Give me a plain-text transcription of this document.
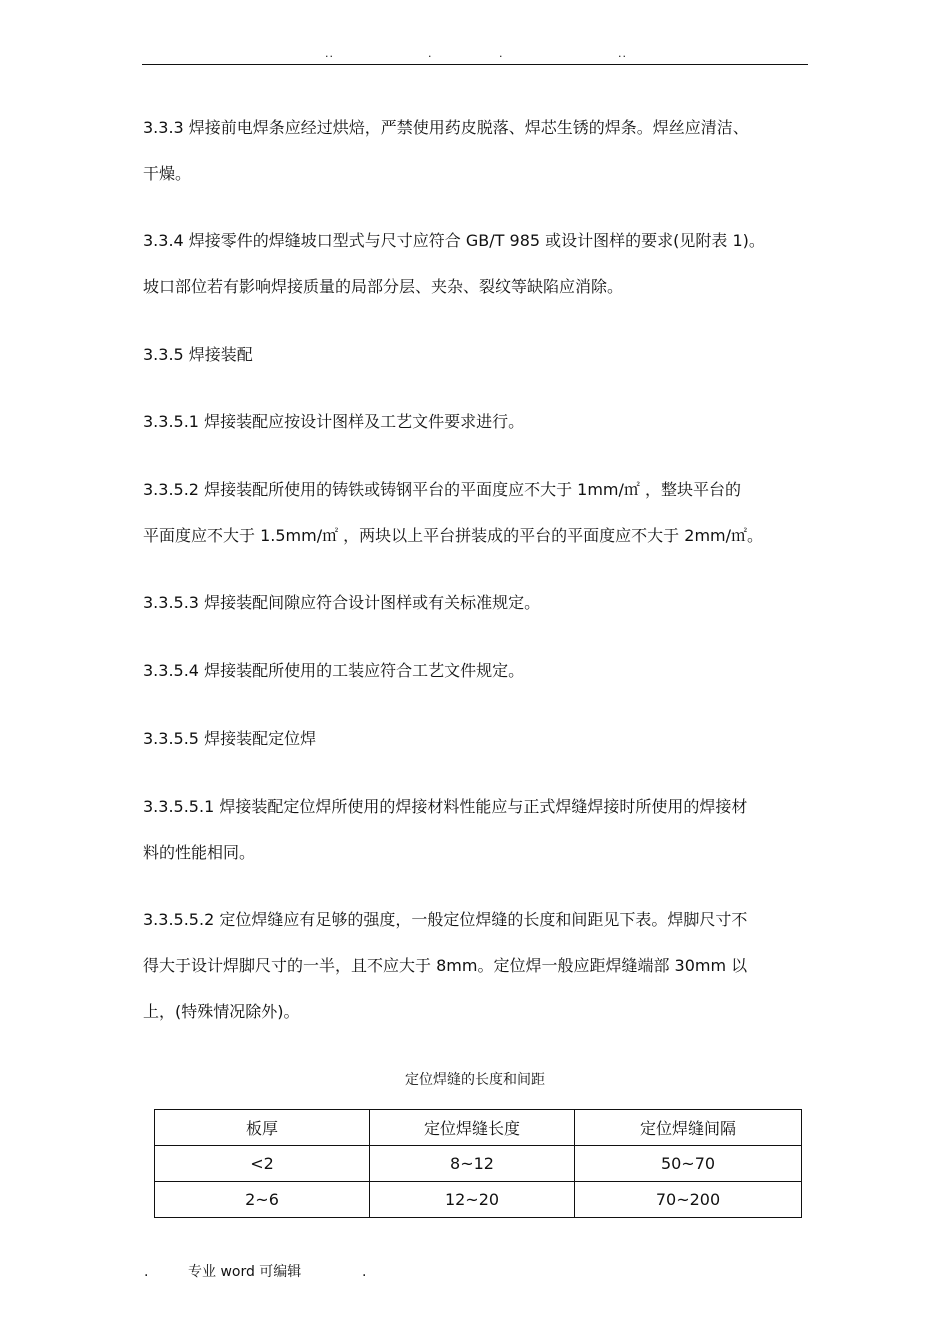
..	.	.	..
3.3.3 焊接前电焊条应经过烘焙，严禁使用药皮脱落、焊芯生锈的焊条。焊丝应清洁、
干燥。
3.3.4 焊接零件的焊缝坡口型式与尺寸应符合 GB/T 985 或设计图样的要求(见附表 1)。
坡口部位若有影响焊接质量的局部分层、夹杂、裂纹等缺陷应消除。
3.3.5 焊接装配
3.3.5.1 焊接装配应按设计图样及工艺文件要求进行。
3.3.5.2 焊接装配所使用的铸铁或铸钢平台的平面度应不大于 1mm/㎡ ，整块平台的
平面度应不大于 1.5mm/㎡ ，两块以上平台拼装成的平台的平面度应不大于 2mm/㎡。
3.3.5.3 焊接装配间隙应符合设计图样或有关标准规定。
3.3.5.4 焊接装配所使用的工装应符合工艺文件规定。
3.3.5.5 焊接装配定位焊
3.3.5.5.1 焊接装配定位焊所使用的焊接材料性能应与正式焊缝焊接时所使用的焊接材
料的性能相同。
3.3.5.5.2 定位焊缝应有足够的强度，一般定位焊缝的长度和间距见下表。焊脚尺寸不
得大于设计焊脚尺寸的一半，且不应大于 8mm。定位焊一般应距焊缝端部 30mm 以
上，(特殊情况除外)。
定位焊缝的长度和间距
板厚	定位焊缝长度	定位焊缝间隔
<2	8~12	50~70
2~6	12~20	70~200
.	专业 word 可编辑	.
